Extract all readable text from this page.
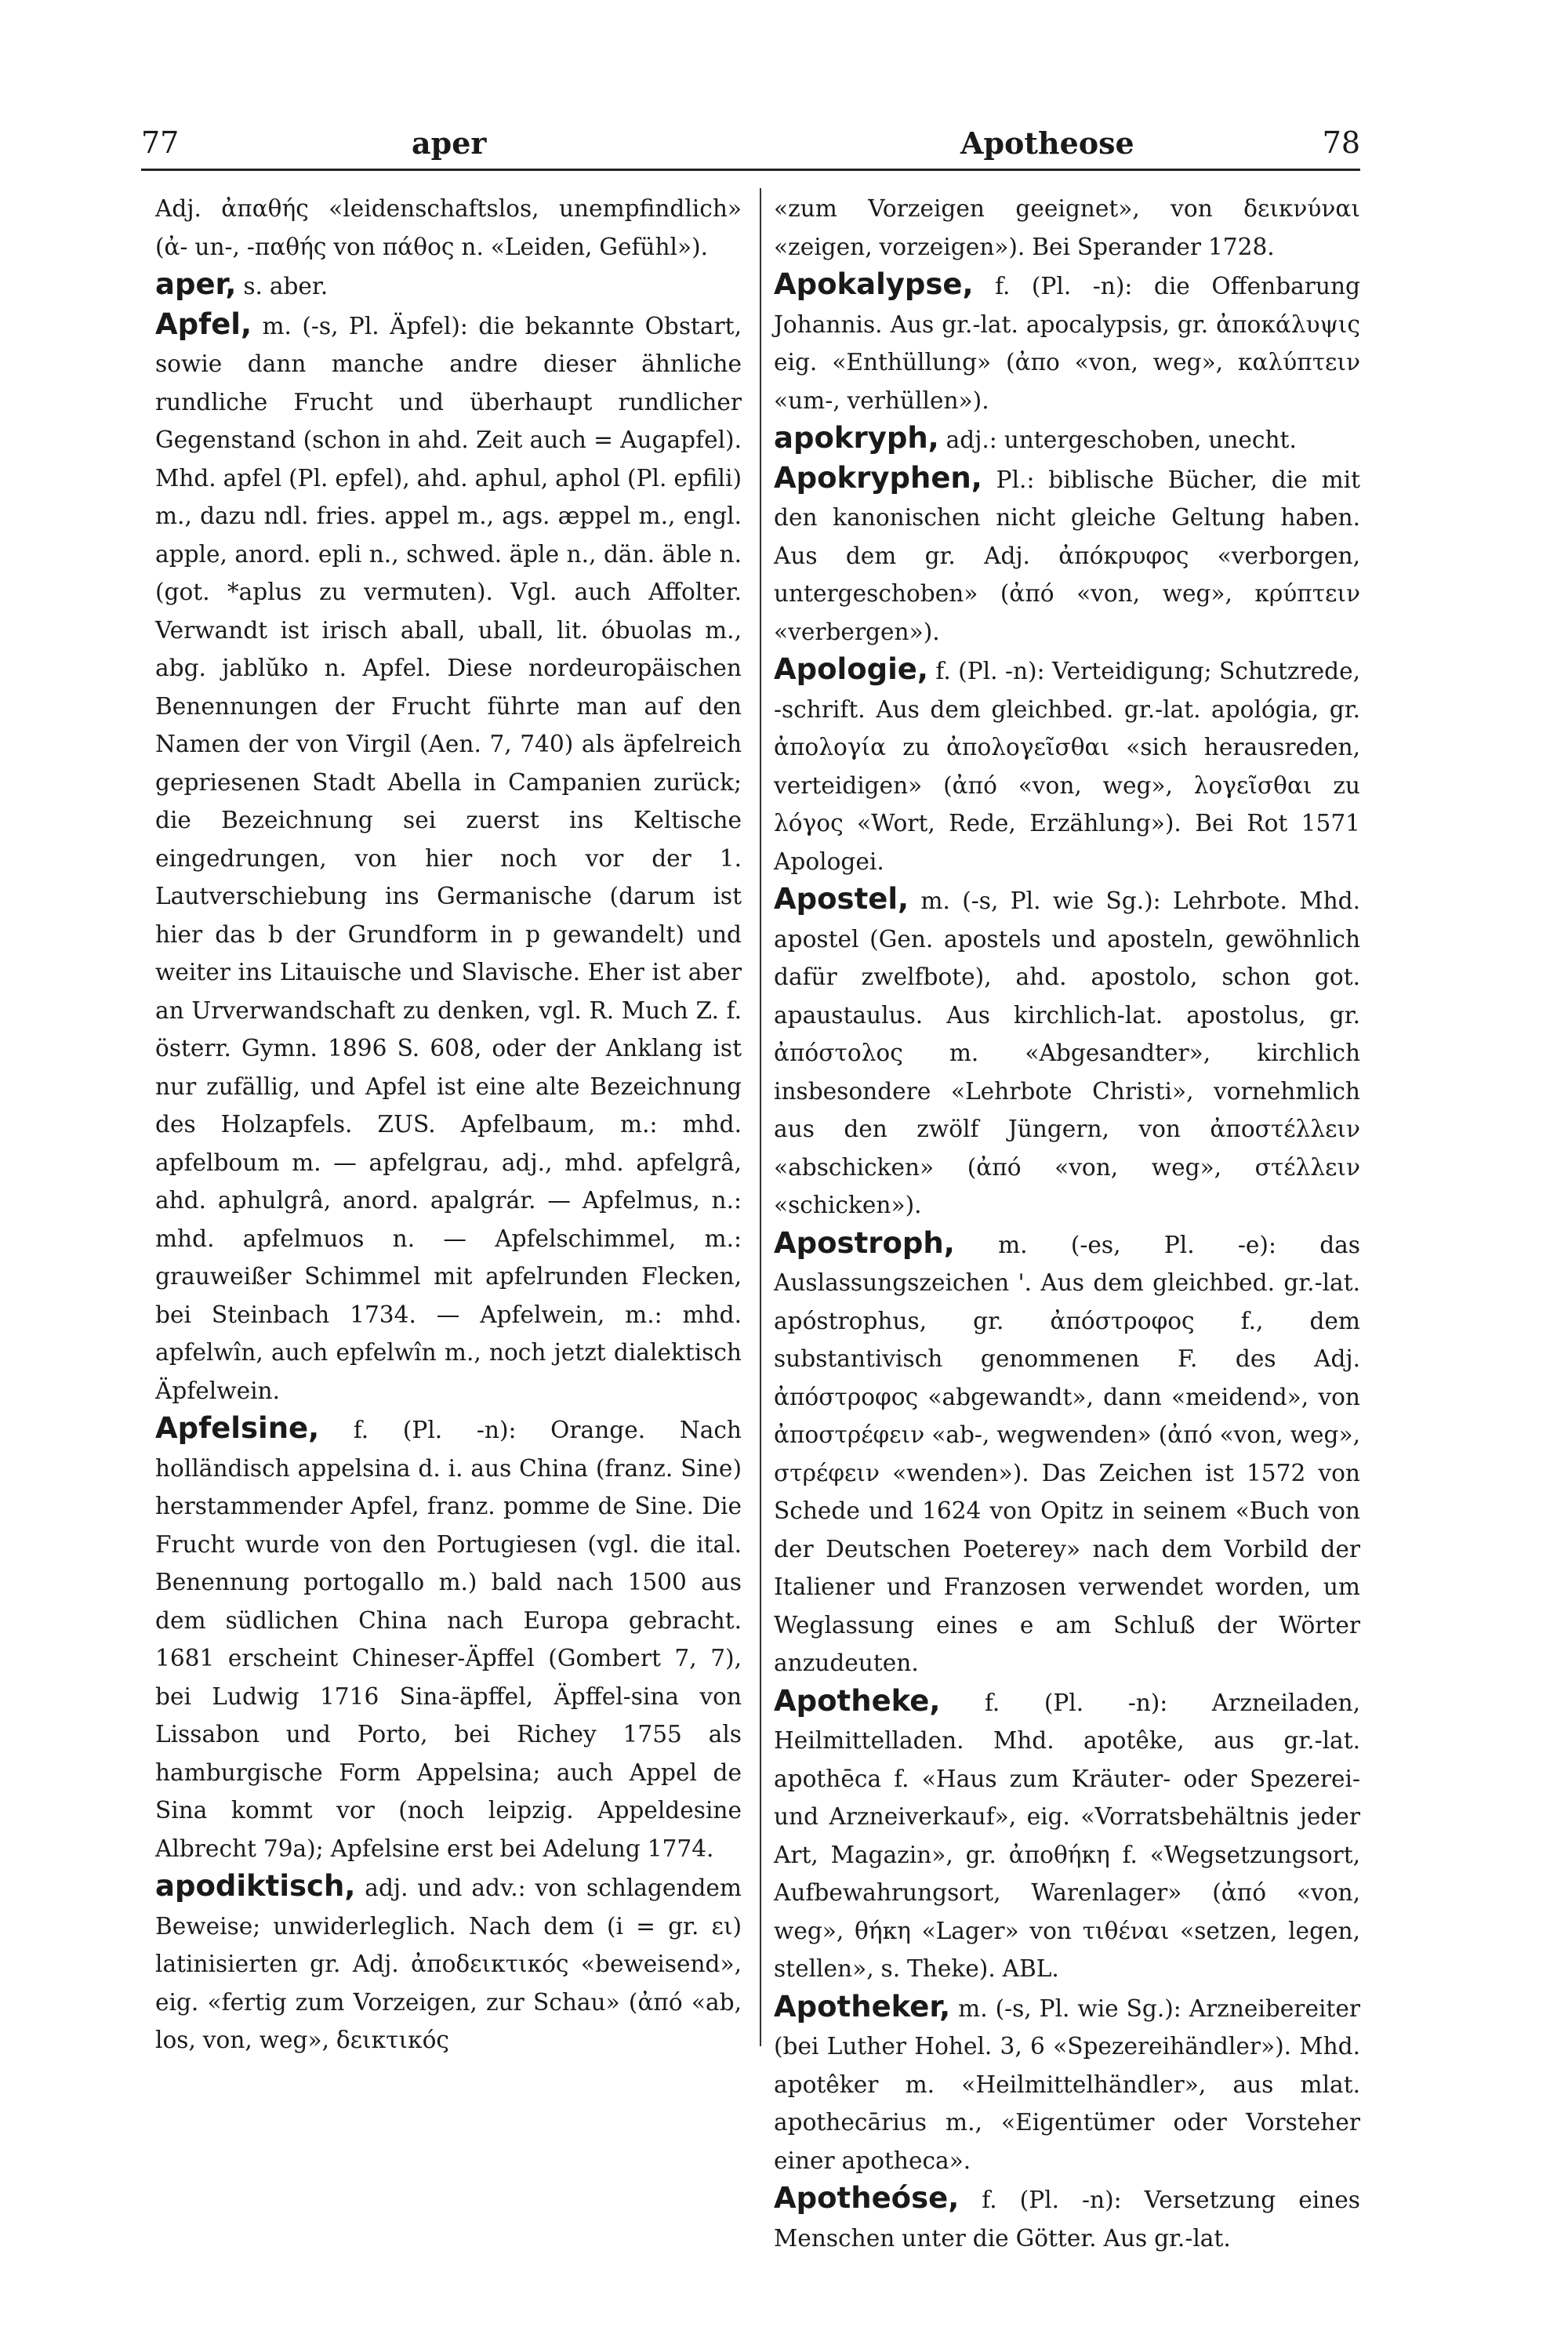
77	aper	Apotheose	78

Adj. ἀπαθής «leidenschaftslos, unempfindlich» (ἀ- un-, -παθής von πάθος n. «Leiden, Gefühl»).

aper, s. aber.

Apfel, m. (-s, Pl. Äpfel): die bekannte Obstart, sowie dann manche andre dieser ähnliche rundliche Frucht und überhaupt rundlicher Gegenstand (schon in ahd. Zeit auch = Augapfel). Mhd. apfel (Pl. epfel), ahd. aphul, aphol (Pl. epfili) m., dazu ndl. fries. appel m., ags. æppel m., engl. apple, anord. epli n., schwed. äple n., dän. äble n. (got. *aplus zu vermuten). Vgl. auch Affolter. Verwandt ist irisch aball, uball, lit. óbuolas m., abg. jablŭko n. Apfel. Diese nordeuropäischen Benennungen der Frucht führte man auf den Namen der von Virgil (Aen. 7, 740) als äpfelreich gepriesenen Stadt Abella in Campanien zurück; die Bezeichnung sei zuerst ins Keltische eingedrungen, von hier noch vor der 1. Lautverschiebung ins Germanische (darum ist hier das b der Grundform in p gewandelt) und weiter ins Litauische und Slavische. Eher ist aber an Urverwandschaft zu denken, vgl. R. Much Z. f. österr. Gymn. 1896 S. 608, oder der Anklang ist nur zufällig, und Apfel ist eine alte Bezeichnung des Holzapfels. ZUS. Apfelbaum, m.: mhd. apfelboum m. — apfelgrau, adj., mhd. apfelgrâ, ahd. aphulgrâ, anord. apalgrár. — Apfelmus, n.: mhd. apfelmuos n. — Apfelschimmel, m.: grauweißer Schimmel mit apfelrunden Flecken, bei Steinbach 1734. — Apfelwein, m.: mhd. apfelwîn, auch epfelwîn m., noch jetzt dialektisch Äpfelwein.

Apfelsine, f. (Pl. -n): Orange. Nach holländisch appelsina d. i. aus China (franz. Sine) herstammender Apfel, franz. pomme de Sine. Die Frucht wurde von den Portugiesen (vgl. die ital. Benennung portogallo m.) bald nach 1500 aus dem südlichen China nach Europa gebracht. 1681 erscheint Chineser-Äpffel (Gombert 7, 7), bei Ludwig 1716 Sina-äpffel, Äpffel-sina von Lissabon und Porto, bei Richey 1755 als hamburgische Form Appelsina; auch Appel de Sina kommt vor (noch leipzig. Appeldesine Albrecht 79a); Apfelsine erst bei Adelung 1774.

apodiktisch, adj. und adv.: von schlagendem Beweise; unwiderleglich. Nach dem (i = gr. ει) latinisierten gr. Adj. ἀποδεικτικός «beweisend», eig. «fertig zum Vorzeigen, zur Schau» (ἀπό «ab, los, von, weg», δεικτικός

«zum Vorzeigen geeignet», von δεικνύναι «zeigen, vorzeigen»). Bei Sperander 1728.

Apokalypse, f. (Pl. -n): die Offenbarung Johannis. Aus gr.-lat. apocalypsis, gr. ἀποκάλυψις eig. «Enthüllung» (ἀπο «von, weg», καλύπτειν «um-, verhüllen»).

apokryph, adj.: untergeschoben, unecht.

Apokryphen, Pl.: biblische Bücher, die mit den kanonischen nicht gleiche Geltung haben. Aus dem gr. Adj. ἀπόκρυφος «verborgen, untergeschoben» (ἀπό «von, weg», κρύπτειν «verbergen»).

Apologie, f. (Pl. -n): Verteidigung; Schutzrede, -schrift. Aus dem gleichbed. gr.-lat. apológia, gr. ἀπολογία zu ἀπολογεῖσθαι «sich herausreden, verteidigen» (ἀπό «von, weg», λογεῖσθαι zu λόγος «Wort, Rede, Erzählung»). Bei Rot 1571 Apologei.

Apostel, m. (-s, Pl. wie Sg.): Lehrbote. Mhd. apostel (Gen. apostels und aposteln, gewöhnlich dafür zwelfbote), ahd. apostolo, schon got. apaustaulus. Aus kirchlich-lat. apostolus, gr. ἀπόστολος m. «Abgesandter», kirchlich insbesondere «Lehrbote Christi», vornehmlich aus den zwölf Jüngern, von ἀποστέλλειν «abschicken» (ἀπό «von, weg», στέλλειν «schicken»).

Apostroph, m. (-es, Pl. -e): das Auslassungszeichen '. Aus dem gleichbed. gr.-lat. apóstrophus, gr. ἀπόστροφος f., dem substantivisch genommenen F. des Adj. ἀπόστροφος «abgewandt», dann «meidend», von ἀποστρέφειν «ab-, wegwenden» (ἀπό «von, weg», στρέφειν «wenden»). Das Zeichen ist 1572 von Schede und 1624 von Opitz in seinem «Buch von der Deutschen Poeterey» nach dem Vorbild der Italiener und Franzosen verwendet worden, um Weglassung eines e am Schluß der Wörter anzudeuten.

Apotheke, f. (Pl. -n): Arzneiladen, Heilmittelladen. Mhd. apotêke, aus gr.-lat. apothēca f. «Haus zum Kräuter- oder Spezerei- und Arzneiverkauf», eig. «Vorratsbehältnis jeder Art, Magazin», gr. ἀποθήκη f. «Wegsetzungsort, Aufbewahrungsort, Warenlager» (ἀπό «von, weg», θήκη «Lager» von τιθέναι «setzen, legen, stellen», s. Theke). ABL.

Apotheker, m. (-s, Pl. wie Sg.): Arzneibereiter (bei Luther Hohel. 3, 6 «Spezereihändler»). Mhd. apotêker m. «Heilmittelhändler», aus mlat. apothecārius m., «Eigentümer oder Vorsteher einer apotheca».

Apotheóse, f. (Pl. -n): Versetzung eines Menschen unter die Götter. Aus gr.-lat.
